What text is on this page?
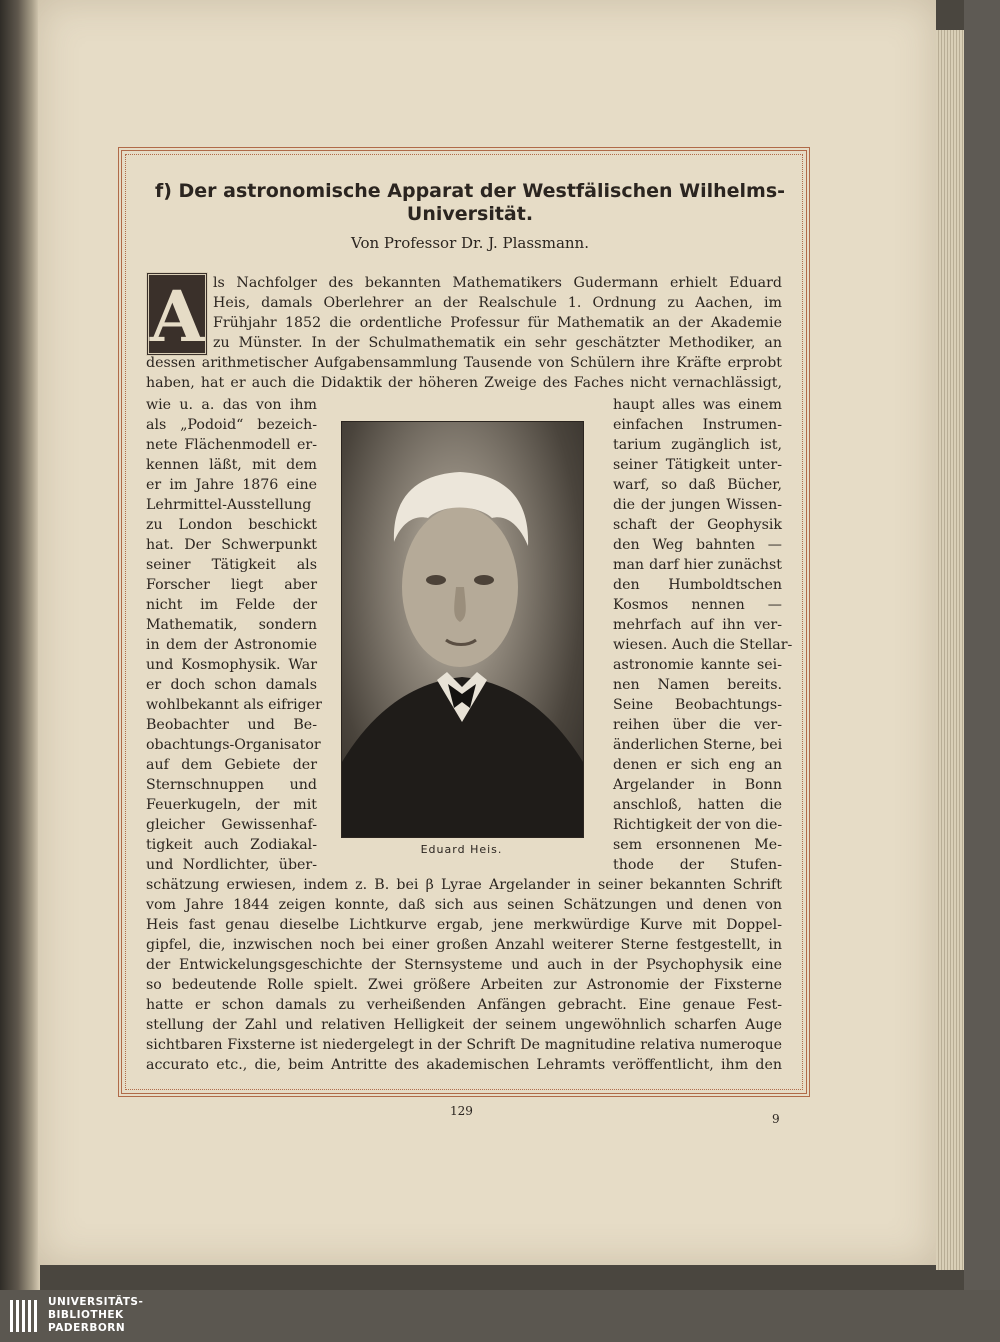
f) Der astronomische Apparat der Westfälischen Wilhelms-
Universität.
Von Professor Dr. J. Plassmann.
A ls Nachfolger des bekannten Mathematikers Gudermann erhielt Eduard
Heis, damals Oberlehrer an der Realschule 1. Ordnung zu Aachen, im
Frühjahr 1852 die ordentliche Professur für Mathematik an der Akademie
zu Münster. In der Schulmathematik ein sehr geschätzter Methodiker, an
dessen arithmetischer Aufgabensammlung Tausende von Schülern ihre Kräfte erprobt
haben, hat er auch die Didaktik der höheren Zweige des Faches nicht vernachlässigt,
wie u. a. das von ihm
als „Podoid“ bezeich-
nete Flächenmodell er-
kennen läßt, mit dem
er im Jahre 1876 eine
Lehrmittel-Ausstellung
zu London beschickt
hat. Der Schwerpunkt
seiner Tätigkeit als
Forscher liegt aber
nicht im Felde der
Mathematik, sondern
in dem der Astronomie
und Kosmophysik. War
er doch schon damals
wohlbekannt als eifriger
Beobachter und Be-
obachtungs-Organisator
auf dem Gebiete der
Sternschnuppen und
Feuerkugeln, der mit
gleicher Gewissenhaf-
tigkeit auch Zodiakal-
und Nordlichter, über-
haupt alles was einem
einfachen Instrumen-
tarium zugänglich ist,
seiner Tätigkeit unter-
warf, so daß Bücher,
die der jungen Wissen-
schaft der Geophysik
den Weg bahnten —
man darf hier zunächst
den Humboldtschen
Kosmos nennen —
mehrfach auf ihn ver-
wiesen. Auch die Stellar-
astronomie kannte sei-
nen Namen bereits.
Seine Beobachtungs-
reihen über die ver-
änderlichen Sterne, bei
denen er sich eng an
Argelander in Bonn
anschloß, hatten die
Richtigkeit der von die-
sem ersonnenen Me-
thode der Stufen-
Eduard Heis.
schätzung erwiesen, indem z. B. bei β Lyrae Argelander in seiner bekannten Schrift
vom Jahre 1844 zeigen konnte, daß sich aus seinen Schätzungen und denen von
Heis fast genau dieselbe Lichtkurve ergab, jene merkwürdige Kurve mit Doppel-
gipfel, die, inzwischen noch bei einer großen Anzahl weiterer Sterne festgestellt, in
der Entwickelungsgeschichte der Sternsysteme und auch in der Psychophysik eine
so bedeutende Rolle spielt. Zwei größere Arbeiten zur Astronomie der Fixsterne
hatte er schon damals zu verheißenden Anfängen gebracht. Eine genaue Fest-
stellung der Zahl und relativen Helligkeit der seinem ungewöhnlich scharfen Auge
sichtbaren Fixsterne ist niedergelegt in der Schrift De magnitudine relativa numeroque
accurato etc., die, beim Antritte des akademischen Lehramts veröffentlicht, ihm den
129
9
UNIVERSITÄTS-
BIBLIOTHEK
PADERBORN
